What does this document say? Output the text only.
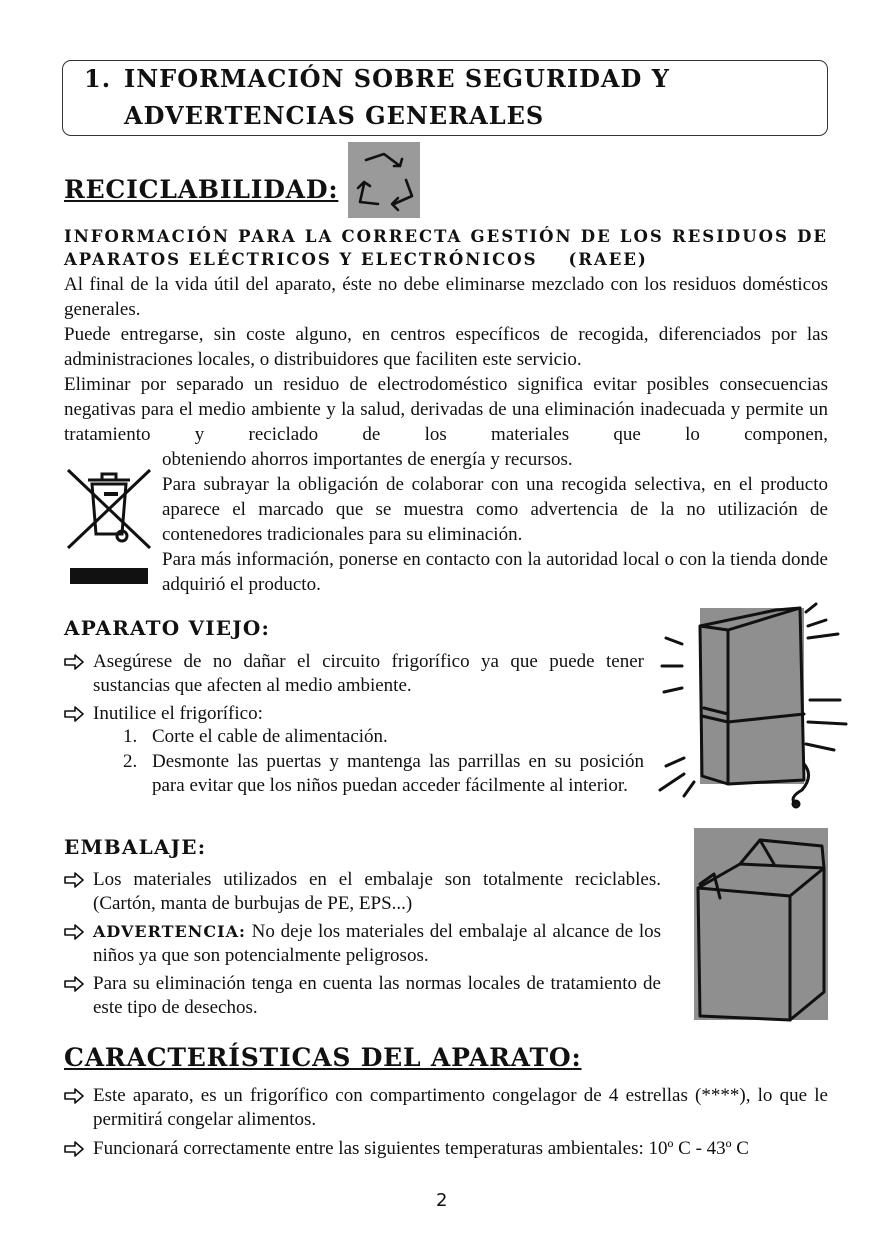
1. INFORMACIÓN SOBRE SEGURIDAD Y
ADVERTENCIAS GENERALES
RECICLABILIDAD:
INFORMACIÓN PARA LA CORRECTA GESTIÓN DE LOS RESIDUOS DE
APARATOS ELÉCTRICOS Y ELECTRÓNICOS    (RAEE)
Al final de la vida útil del aparato, éste no debe eliminarse mezclado con los residuos domésticos generales.
Puede entregarse, sin coste alguno, en centros específicos de recogida, diferenciados por las administraciones locales, o distribuidores que faciliten este servicio.
Eliminar por separado un residuo de electrodoméstico significa evitar posibles consecuencias negativas para el medio ambiente y la salud, derivadas de una eliminación inadecuada y permite un tratamiento y reciclado de los materiales que lo componen,
obteniendo ahorros importantes de energía y recursos.
Para subrayar la obligación de colaborar con una recogida selectiva, en el producto aparece el marcado que se muestra como advertencia de la no utilización de contenedores tradicionales para su eliminación.
Para más información, ponerse en contacto con la autoridad local o con la tienda donde adquirió el producto.
APARATO VIEJO:
Asegúrese de no dañar el circuito frigorífico ya que puede tener sustancias que afecten al medio ambiente.
Inutilice el frigorífico:
1. Corte el cable de alimentación.
2. Desmonte las puertas y mantenga las parrillas en su posición para evitar que los niños puedan acceder fácilmente al interior.
EMBALAJE:
Los materiales utilizados en el embalaje son totalmente reciclables. (Cartón, manta de burbujas de PE, EPS...)
ADVERTENCIA: No deje los materiales del embalaje al alcance de los niños ya que son potencialmente peligrosos.
Para su eliminación tenga en cuenta las normas locales de tratamiento de este tipo de desechos.
CARACTERÍSTICAS DEL APARATO:
Este aparato, es un frigorífico con compartimento congelagor de 4 estrellas (****), lo que le permitirá congelar alimentos.
Funcionará correctamente entre las siguientes temperaturas ambientales: 10º C - 43º C
2
